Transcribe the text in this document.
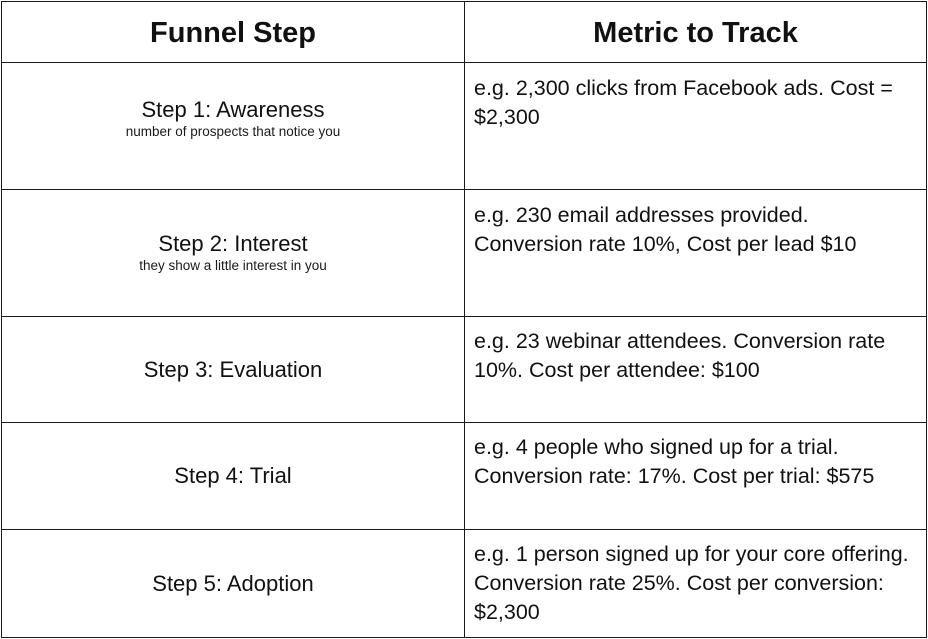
Funnel Step	Metric to Track

Step 1: Awareness
number of prospects that notice you	e.g. 2,300 clicks from Facebook ads. Cost = $2,300

Step 2: Interest
they show a little interest in you	e.g. 230 email addresses provided. Conversion rate 10%, Cost per lead $10

Step 3: Evaluation	e.g. 23 webinar attendees. Conversion rate 10%. Cost per attendee: $100

Step 4: Trial	e.g. 4 people who signed up for a trial. Conversion rate: 17%. Cost per trial: $575

Step 5: Adoption	e.g. 1 person signed up for your core offering. Conversion rate 25%. Cost per conversion: $2,300
